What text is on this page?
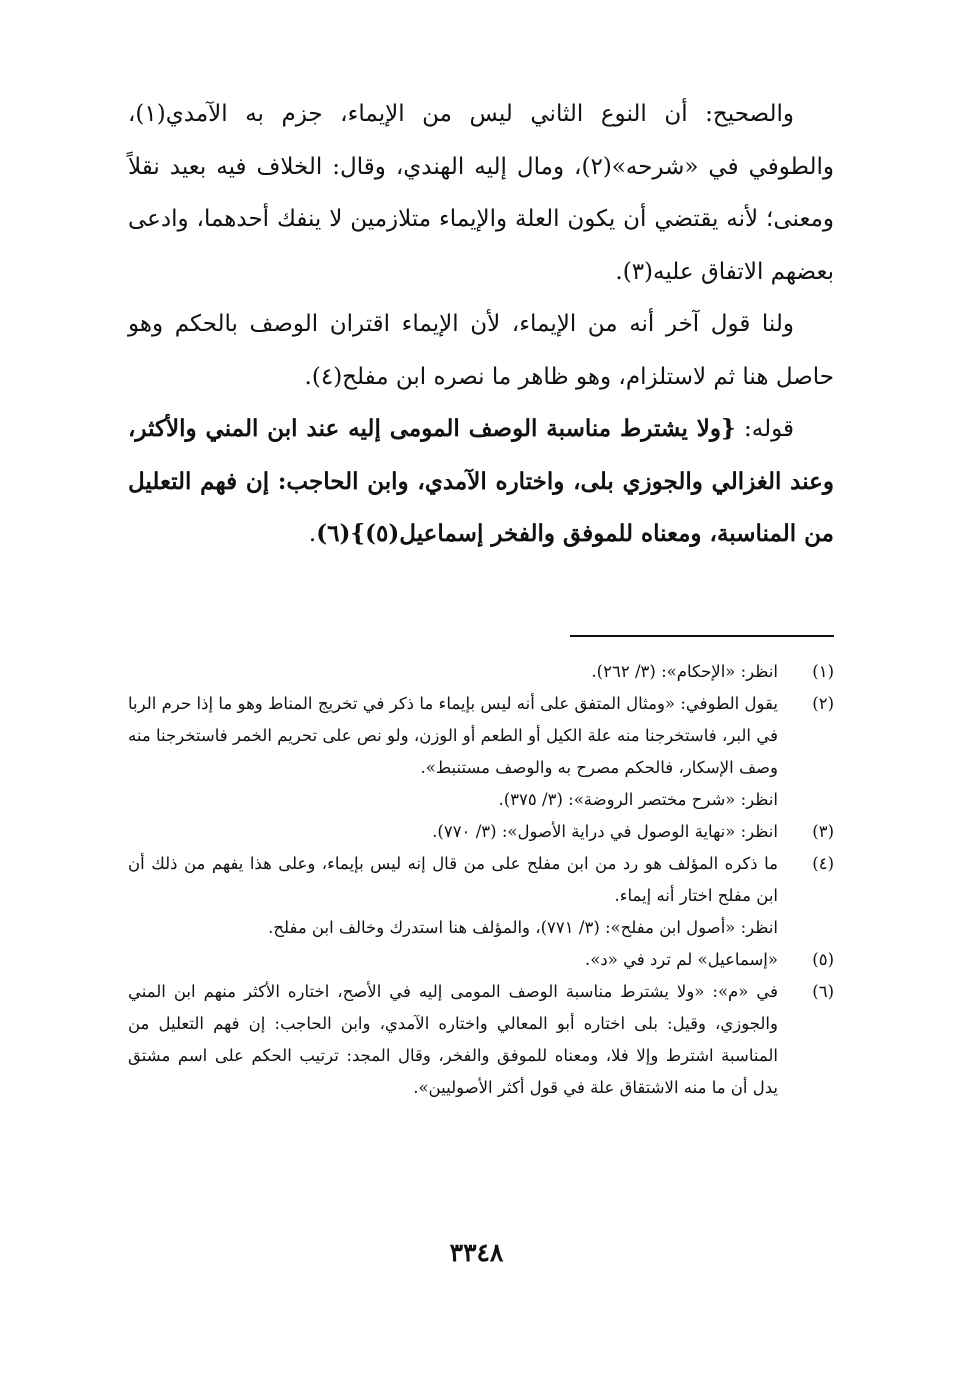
والصحيح: أن النوع الثاني ليس من الإيماء، جزم به الآمدي(١)، والطوفي في «شرحه»(٢)، ومال إليه الهندي، وقال: الخلاف فيه بعيد نقلاً ومعنى؛ لأنه يقتضي أن يكون العلة والإيماء متلازمين لا ينفك أحدهما، وادعى بعضهم الاتفاق عليه(٣).

ولنا قول آخر أنه من الإيماء، لأن الإيماء اقتران الوصف بالحكم وهو حاصل هنا ثم لاستلزام، وهو ظاهر ما نصره ابن مفلح(٤).

قوله: {ولا يشترط مناسبة الوصف المومى إليه عند ابن المني والأكثر، وعند الغزالي والجوزي بلى، واختاره الآمدي، وابن الحاجب: إن فهم التعليل من المناسبة، ومعناه للموفق والفخر إسماعيل(٥)}(٦).

(١)
انظر: «الإحكام»: (٣/ ٢٦٢).
(٢)
يقول الطوفي: «ومثال المتفق على أنه ليس بإيماء ما ذكر في تخريج المناط وهو ما إذا حرم الربا في البر، فاستخرجنا منه علة الكيل أو الطعم أو الوزن، ولو نص على تحريم الخمر فاستخرجنا منه وصف الإسكار، فالحكم مصرح به والوصف مستنبط».
انظر: «شرح مختصر الروضة»: (٣/ ٣٧٥).
(٣)
انظر: «نهاية الوصول في دراية الأصول»: (٣/ ٧٧٠).
(٤)
ما ذكره المؤلف هو رد من ابن مفلح على من قال إنه ليس بإيماء، وعلى هذا يفهم من ذلك أن ابن مفلح اختار أنه إيماء.
انظر: «أصول ابن مفلح»: (٣/ ٧٧١)، والمؤلف هنا استدرك وخالف ابن مفلح.
(٥)
«إسماعيل» لم ترد في «د».
(٦)
في «م»: «ولا يشترط مناسبة الوصف المومى إليه في الأصح، اختاره الأكثر منهم ابن المني والجوزي، وقيل: بلى اختاره أبو المعالي واختاره الآمدي، وابن الحاجب: إن فهم التعليل من المناسبة اشترط وإلا فلا، ومعناه للموفق والفخر، وقال المجد: ترتيب الحكم على اسم مشتق يدل أن ما منه الاشتقاق علة في قول أكثر الأصوليين».
٣٣٤٨
